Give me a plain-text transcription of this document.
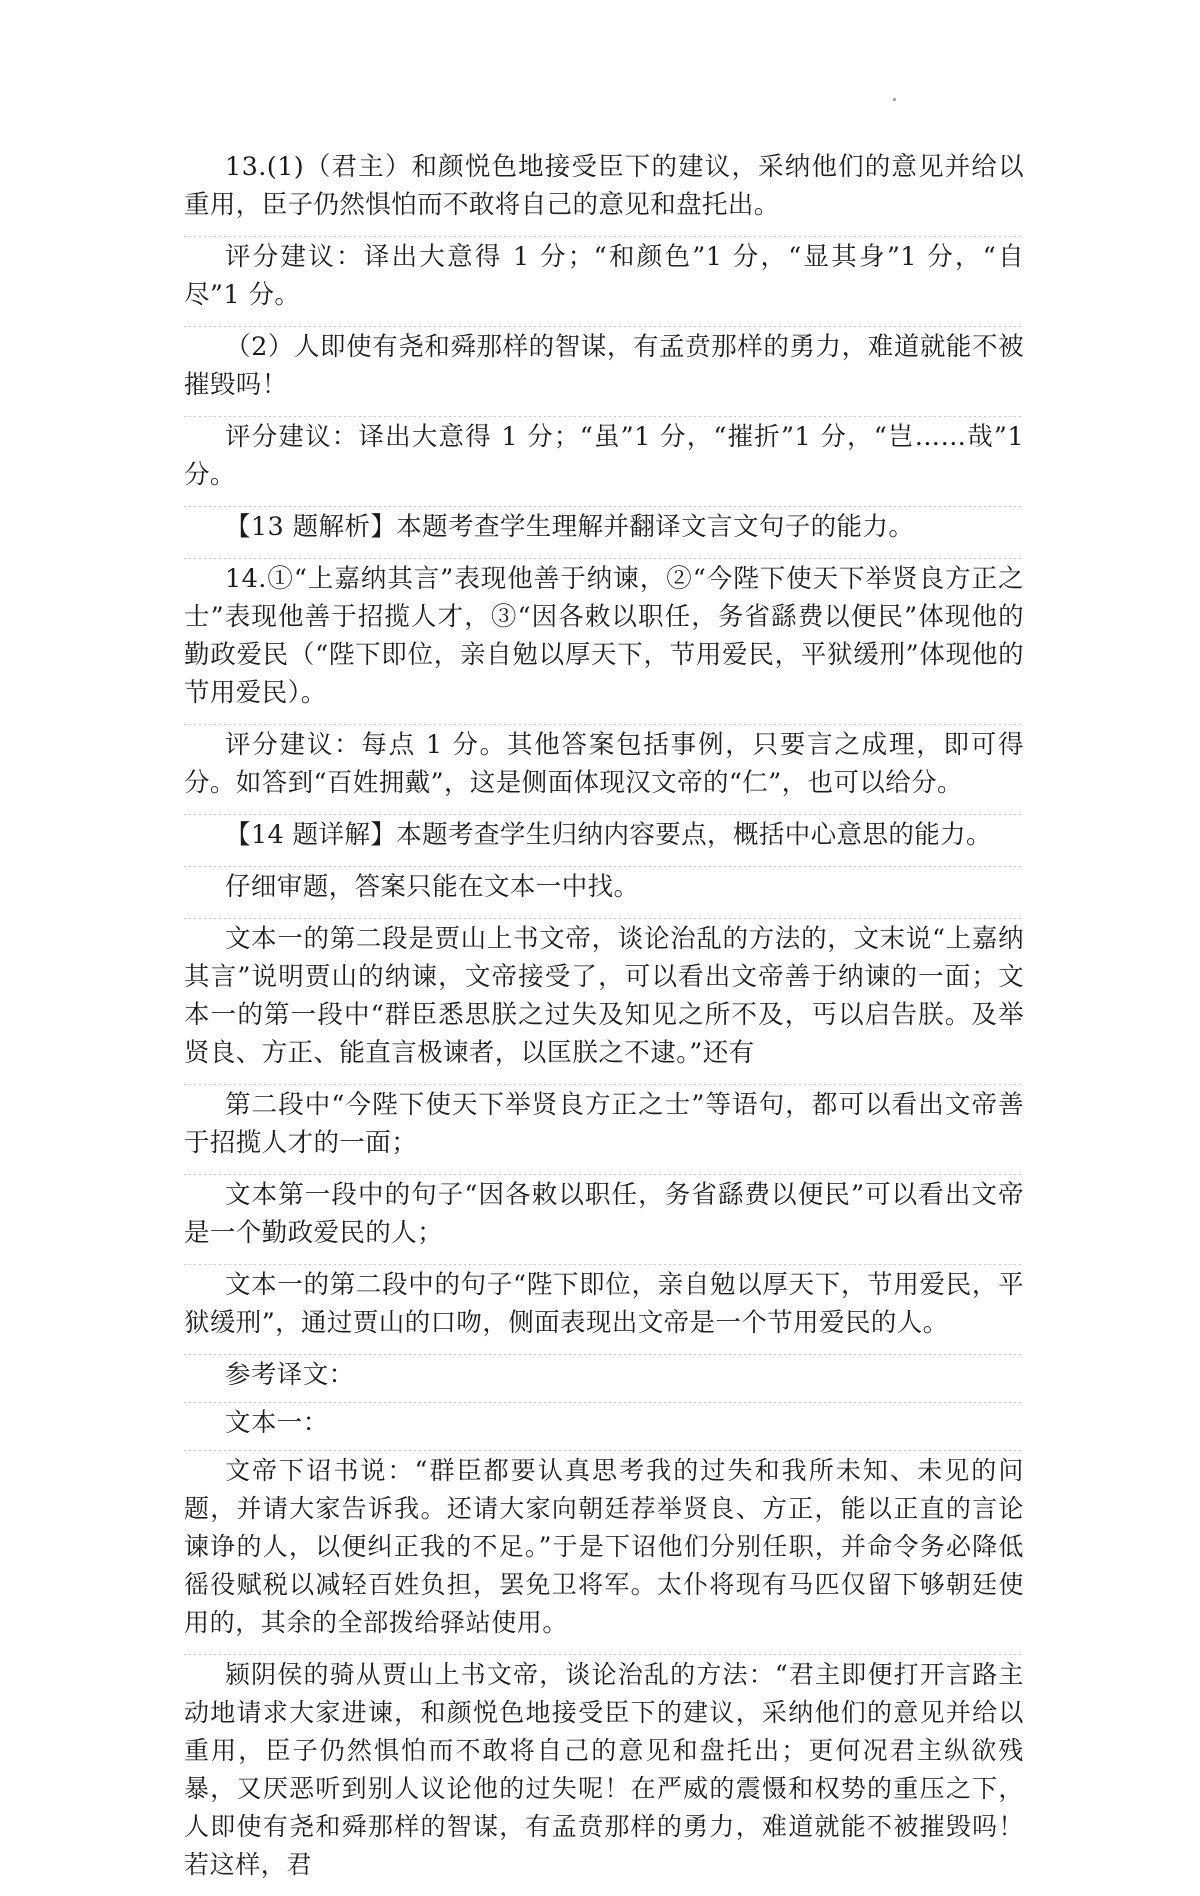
13.(1)（君主）和颜悦色地接受臣下的建议，采纳他们的意见并给以重用，臣子仍然惧怕而不敢将自己的意见和盘托出。

评分建议：译出大意得 1 分；“和颜色”1 分，“显其身”1 分，“自尽”1 分。

（2）人即使有尧和舜那样的智谋，有孟贲那样的勇力，难道就能不被摧毁吗！

评分建议：译出大意得 1 分；“虽”1 分，“摧折”1 分，“岂……哉”1 分。

【13 题解析】本题考查学生理解并翻译文言文句子的能力。

14.①“上嘉纳其言”表现他善于纳谏，②“今陛下使天下举贤良方正之士”表现他善于招揽人才，③“因各敕以职任，务省繇费以便民”体现他的勤政爱民（“陛下即位，亲自勉以厚天下，节用爱民，平狱缓刑”体现他的节用爱民）。

评分建议：每点 1 分。其他答案包括事例，只要言之成理，即可得分。如答到“百姓拥戴”，这是侧面体现汉文帝的“仁”，也可以给分。

【14 题详解】本题考查学生归纳内容要点，概括中心意思的能力。

仔细审题，答案只能在文本一中找。

文本一的第二段是贾山上书文帝，谈论治乱的方法的，文末说“上嘉纳其言”说明贾山的纳谏，文帝接受了，可以看出文帝善于纳谏的一面；文本一的第一段中“群臣悉思朕之过失及知见之所不及，丐以启告朕。及举贤良、方正、能直言极谏者，以匡朕之不逮。”还有

第二段中“今陛下使天下举贤良方正之士”等语句，都可以看出文帝善于招揽人才的一面；

文本第一段中的句子“因各敕以职任，务省繇费以便民”可以看出文帝是一个勤政爱民的人；

文本一的第二段中的句子“陛下即位，亲自勉以厚天下，节用爱民，平狱缓刑”，通过贾山的口吻，侧面表现出文帝是一个节用爱民的人。

参考译文：

文本一：

文帝下诏书说：“群臣都要认真思考我的过失和我所未知、未见的问题，并请大家告诉我。还请大家向朝廷荐举贤良、方正，能以正直的言论谏诤的人，以便纠正我的不足。”于是下诏他们分别任职，并命令务必降低徭役赋税以减轻百姓负担，罢免卫将军。太仆将现有马匹仅留下够朝廷使用的，其余的全部拨给驿站使用。

颍阴侯的骑从贾山上书文帝，谈论治乱的方法：“君主即便打开言路主动地请求大家进谏，和颜悦色地接受臣下的建议，采纳他们的意见并给以重用，臣子仍然惧怕而不敢将自己的意见和盘托出；更何况君主纵欲残暴，又厌恶听到别人议论他的过失呢！在严威的震慑和权势的重压之下，人即使有尧和舜那样的智谋，有孟贲那样的勇力，难道就能不被摧毁吗！若这样，君
